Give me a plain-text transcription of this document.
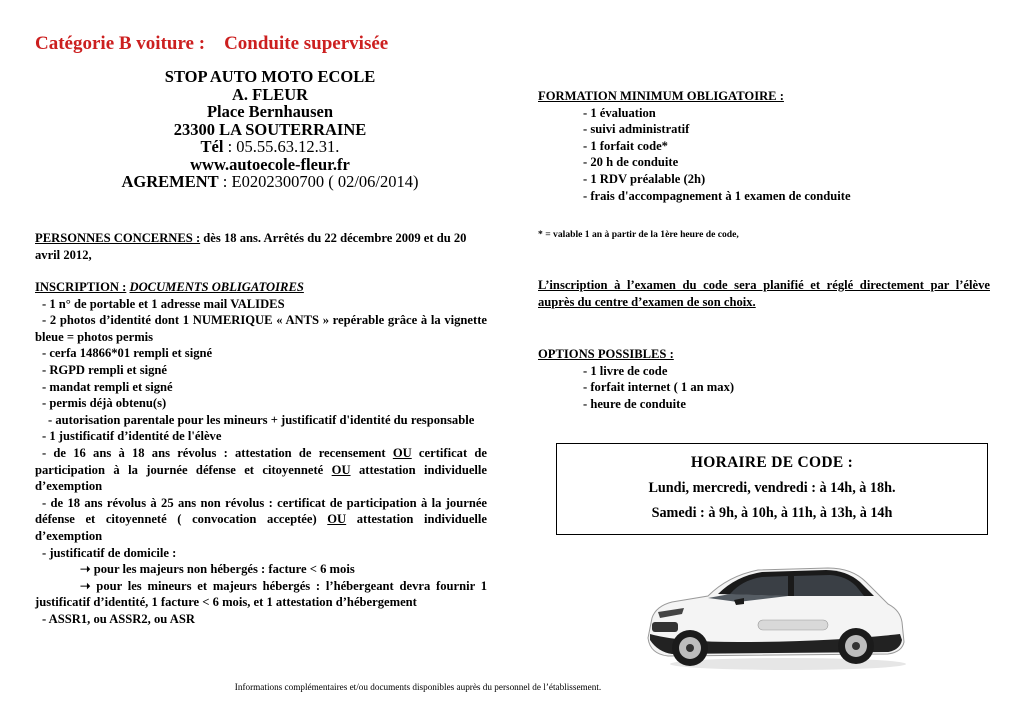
Catégorie B voiture :    Conduite supervisée
STOP AUTO MOTO ECOLE
A. FLEUR
Place Bernhausen
23300 LA SOUTERRAINE
Tél : 05.55.63.12.31.
www.autoecole-fleur.fr
AGREMENT : E0202300700 ( 02/06/2014)
PERSONNES CONCERNES : dès 18 ans. Arrêtés du 22 décembre 2009 et du 20 avril 2012,
INSCRIPTION : DOCUMENTS OBLIGATOIRES
- 1 n° de portable et 1 adresse mail VALIDES
- 2 photos d’identité dont 1 NUMERIQUE « ANTS » repérable grâce à la vignette bleue = photos permis
- cerfa 14866*01 rempli et signé
- RGPD rempli et signé
- mandat rempli et signé
- permis déjà obtenu(s)
- autorisation parentale pour les mineurs + justificatif d'identité du responsable
- 1 justificatif d’identité de l'élève
- de 16 ans à 18 ans révolus : attestation de recensement OU certificat de participation à la journée défense et citoyenneté OU attestation individuelle d’exemption
- de 18 ans révolus à 25 ans non révolus : certificat de participation à la journée défense et citoyenneté ( convocation acceptée) OU attestation individuelle d’exemption
- justificatif de domicile :
➝ pour les majeurs non hébergés : facture < 6 mois
➝ pour les mineurs et majeurs hébergés : l’hébergeant devra fournir 1 justificatif d’identité, 1 facture < 6 mois, et 1 attestation d’hébergement
- ASSR1, ou ASSR2, ou ASR
FORMATION MINIMUM OBLIGATOIRE :
- 1 évaluation
- suivi administratif
- 1 forfait code*
- 20 h de conduite
- 1 RDV préalable (2h)
- frais d'accompagnement à 1 examen de conduite
* = valable 1 an à partir de la 1ère heure de code,
L’inscription à l’examen du code sera planifié et réglé directement par l’élève auprès du centre d’examen de son choix.
OPTIONS POSSIBLES :
- 1 livre de code
- forfait internet ( 1 an max)
- heure de conduite
HORAIRE DE CODE :
Lundi, mercredi, vendredi : à 14h, à 18h.
Samedi : à 9h, à 10h, à 11h, à 13h, à 14h
Informations complémentaires et/ou documents disponibles auprès du personnel de l’établissement.
